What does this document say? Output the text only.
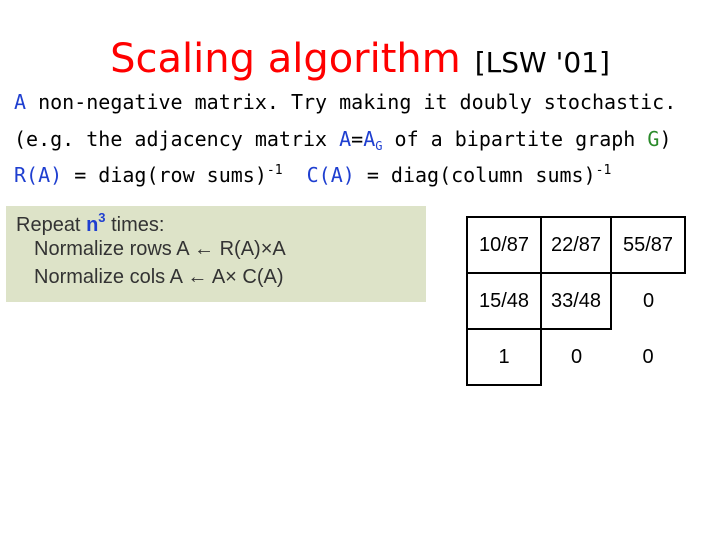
Scaling algorithm [LSW '01]
A non-negative matrix. Try making it doubly stochastic.
(e.g. the adjacency matrix $A=A_G$ of a bipartite graph G)
R(A) = diag(row sums)$^{-1}$ C(A) = diag(column sums)$^{-1}$
Repeat $n^3$ times:
Normalize rows A ← R(A)×A
Normalize cols A ← A× C(A)
10/87	22/87	55/87
15/48	33/48	0
1	0	0
